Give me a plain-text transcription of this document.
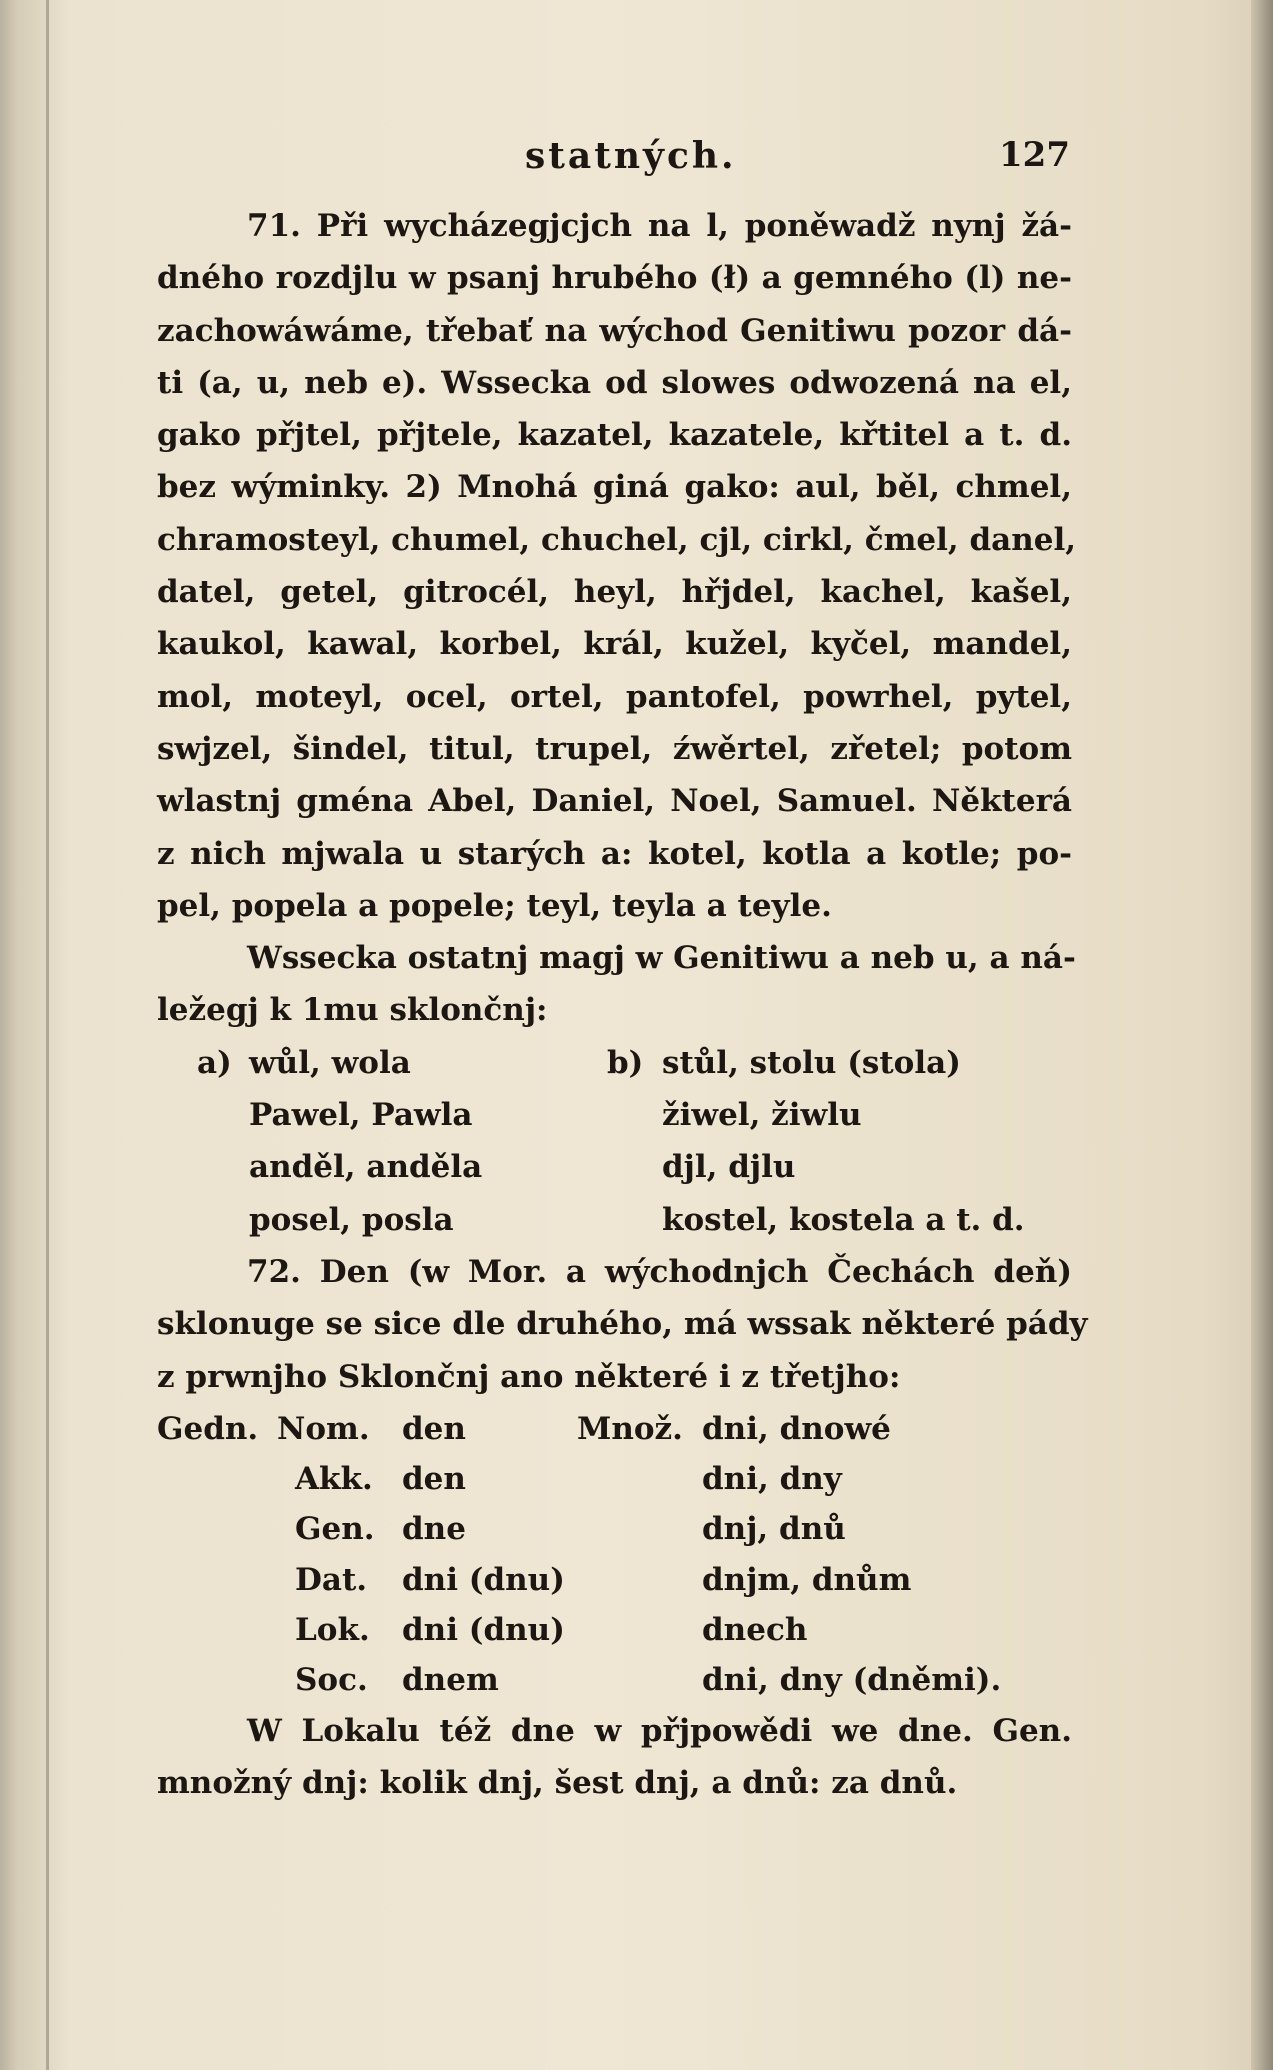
statných.	127
71. Při wycházegjcjch na l, poněwadž nynj žá-
dného rozdjlu w psanj hrubého (ł) a gemného (l) ne-
zachowáwáme, třebať na wýchod Genitiwu pozor dá-
ti (a, u, neb e). Wssecka od slowes odwozená na el,
gako přjtel, přjtele, kazatel, kazatele, křtitel a t. d.
bez wýminky. 2) Mnohá giná gako: aul, běl, chmel,
chramosteyl, chumel, chuchel, cjl, cirkl, čmel, danel,
datel, getel, gitrocél, heyl, hřjdel, kachel, kašel,
kaukol, kawal, korbel, král, kužel, kyčel, mandel,
mol, moteyl, ocel, ortel, pantofel, powrhel, pytel,
swjzel, šindel, titul, trupel, źwěrtel, zřetel; potom
wlastnj gména Abel, Daniel, Noel, Samuel. Některá
z nich mjwala u starých a: kotel, kotla a kotle; po-
pel, popela a popele; teyl, teyla a teyle.
Wssecka ostatnj magj w Genitiwu a neb u, a ná-
ležegj k 1mu sklončnj:
a) wůl, wola	b) stůl, stolu (stola)
Pawel, Pawla	žiwel, žiwlu
anděl, anděla	djl, djlu
posel, posla	kostel, kostela a t. d.
72. Den (w Mor. a wýchodnjch Čechách deň)
sklonuge se sice dle druhého, má wssak některé pády
z prwnjho Sklončnj ano některé i z třetjho:
Gedn. Nom. den	Množ. dni, dnowé
Akk. den	dni, dny
Gen. dne	dnj, dnů
Dat. dni (dnu)	dnjm, dnům
Lok. dni (dnu)	dnech
Soc. dnem	dni, dny (dněmi).
W Lokalu též dne w přjpowědi we dne. Gen.
množný dnj: kolik dnj, šest dnj, a dnů: za dnů.
